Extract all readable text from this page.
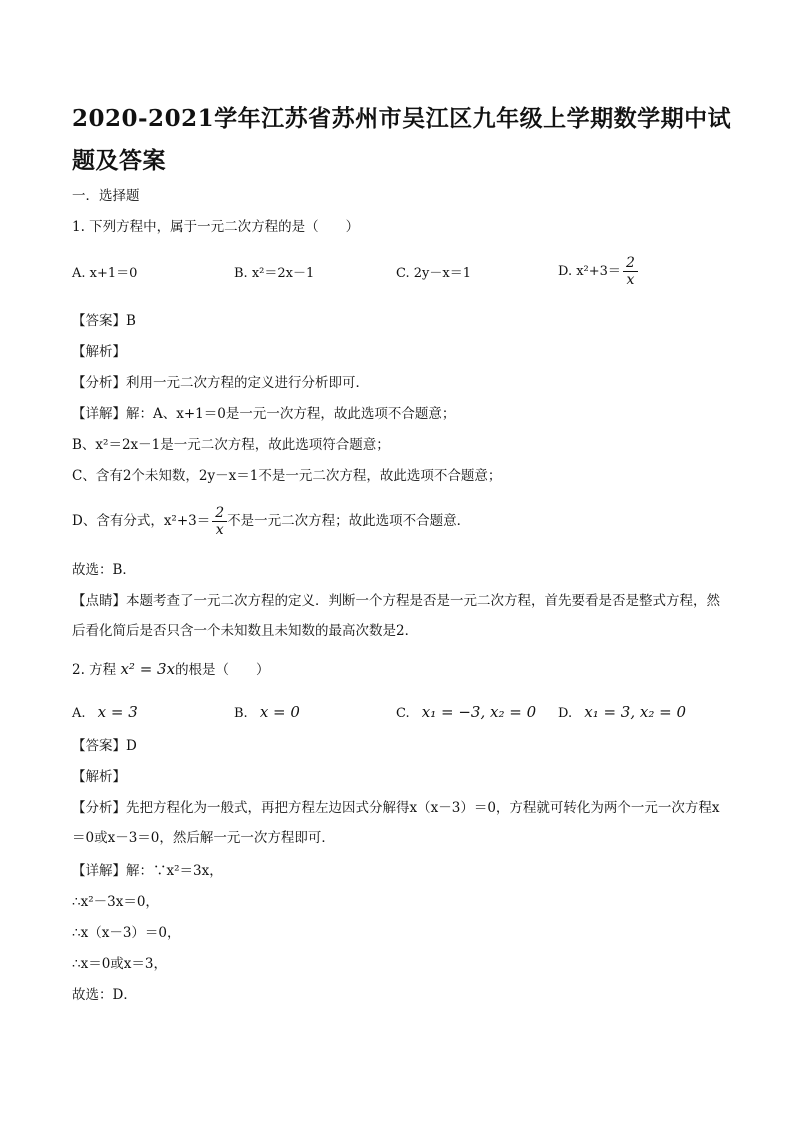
2020-2021学年江苏省苏州市吴江区九年级上学期数学期中试题及答案
一．选择题
1. 下列方程中，属于一元二次方程的是（　　）
A. x+1＝0	B. x²＝2x－1	C. 2y－x＝1	D. $x^2+3= \frac{2}{x}$
【答案】B
【解析】
【分析】利用一元二次方程的定义进行分析即可．
【详解】解：A、x+1＝0是一元一次方程，故此选项不合题意；
B、x²＝2x－1是一元二次方程，故此选项符合题意；
C、含有2个未知数，2y－x＝1不是一元二次方程，故此选项不合题意；
D、含有分式，$x^2+3= \frac{2}{x}$ 不是一元二次方程；故此选项不合题意．
故选：B．
【点睛】本题考查了一元二次方程的定义．判断一个方程是否是一元二次方程，首先要看是否是整式方程，然后看化简后是否只含一个未知数且未知数的最高次数是2．
2. 方程 x² = 3x的根是（　　）
A. x = 3	B. x = 0	C. x₁ = −3, x₂ = 0 D. x₁ = 3, x₂ = 0
【答案】D
【解析】
【分析】先把方程化为一般式，再把方程左边因式分解得x（x－3）＝0，方程就可转化为两个一元一次方程x＝0或x－3＝0，然后解一元一次方程即可．
【详解】解：∵x²＝3x，
∴x²－3x＝0，
∴x（x－3）＝0，
∴x＝0或x＝3，
故选：D．
